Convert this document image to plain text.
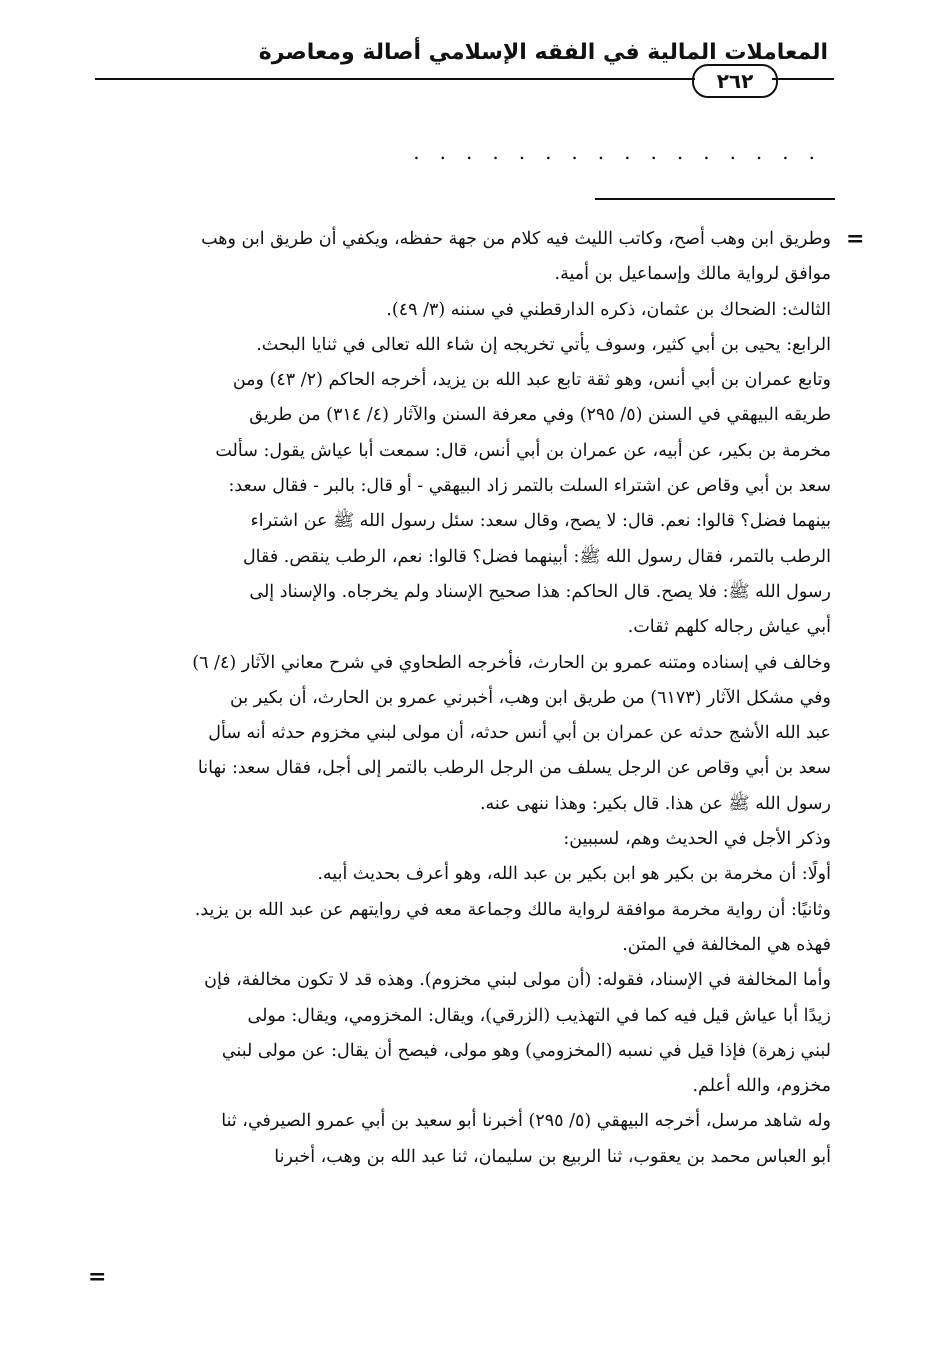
المعاملات المالية في الفقه الإسلامي أصالة ومعاصرة
٢٦٢
................
=
=

وطريق ابن وهب أصح، وكاتب الليث فيه كلام من جهة حفظه، ويكفي أن طريق ابن وهب

موافق لرواية مالك وإسماعيل بن أمية.

الثالث: الضحاك بن عثمان، ذكره الدارقطني في سننه (٣/ ٤٩).

الرابع: يحيى بن أبي كثير، وسوف يأتي تخريجه إن شاء الله تعالى في ثنايا البحث.

وتابع عمران بن أبي أنس، وهو ثقة تابع عبد الله بن يزيد، أخرجه الحاكم (٢/ ٤٣) ومن

طريقه البيهقي في السنن (٥/ ٢٩٥) وفي معرفة السنن والآثار (٤/ ٣١٤) من طريق

مخرمة بن بكير، عن أبيه، عن عمران بن أبي أنس، قال: سمعت أبا عياش يقول: سألت

سعد بن أبي وقاص عن اشتراء السلت بالتمر زاد البيهقي - أو قال: بالبر - فقال سعد:

بينهما فضل؟ قالوا: نعم. قال: لا يصح، وقال سعد: سئل رسول الله ﷺ عن اشتراء

الرطب بالتمر، فقال رسول الله ﷺ: أبينهما فضل؟ قالوا: نعم، الرطب ينقص. فقال

رسول الله ﷺ: فلا يصح. قال الحاكم: هذا صحيح الإسناد ولم يخرجاه. والإسناد إلى

أبي عياش رجاله كلهم ثقات.

وخالف في إسناده ومتنه عمرو بن الحارث، فأخرجه الطحاوي في شرح معاني الآثار (٤/ ٦)

وفي مشكل الآثار (٦١٧٣) من طريق ابن وهب، أخبرني عمرو بن الحارث، أن بكير بن

عبد الله الأشج حدثه عن عمران بن أبي أنس حدثه، أن مولى لبني مخزوم حدثه أنه سأل

سعد بن أبي وقاص عن الرجل يسلف من الرجل الرطب بالتمر إلى أجل، فقال سعد: نهانا

رسول الله ﷺ عن هذا. قال بكير: وهذا ننهى عنه.

وذكر الأجل في الحديث وهم، لسببين:

أولًا: أن مخرمة بن بكير هو ابن بكير بن عبد الله، وهو أعرف بحديث أبيه.

وثانيًا: أن رواية مخرمة موافقة لرواية مالك وجماعة معه في روايتهم عن عبد الله بن يزيد.

فهذه هي المخالفة في المتن.

وأما المخالفة في الإسناد، فقوله: (أن مولى لبني مخزوم). وهذه قد لا تكون مخالفة، فإن

زيدًا أبا عياش قيل فيه كما في التهذيب (الزرقي)، ويقال: المخزومي، ويقال: مولى

لبني زهرة) فإذا قيل في نسبه (المخزومي) وهو مولى، فيصح أن يقال: عن مولى لبني

مخزوم، والله أعلم.

وله شاهد مرسل، أخرجه البيهقي (٥/ ٢٩٥) أخبرنا أبو سعيد بن أبي عمرو الصيرفي، ثنا

أبو العباس محمد بن يعقوب، ثنا الربيع بن سليمان، ثنا عبد الله بن وهب، أخبرنا
